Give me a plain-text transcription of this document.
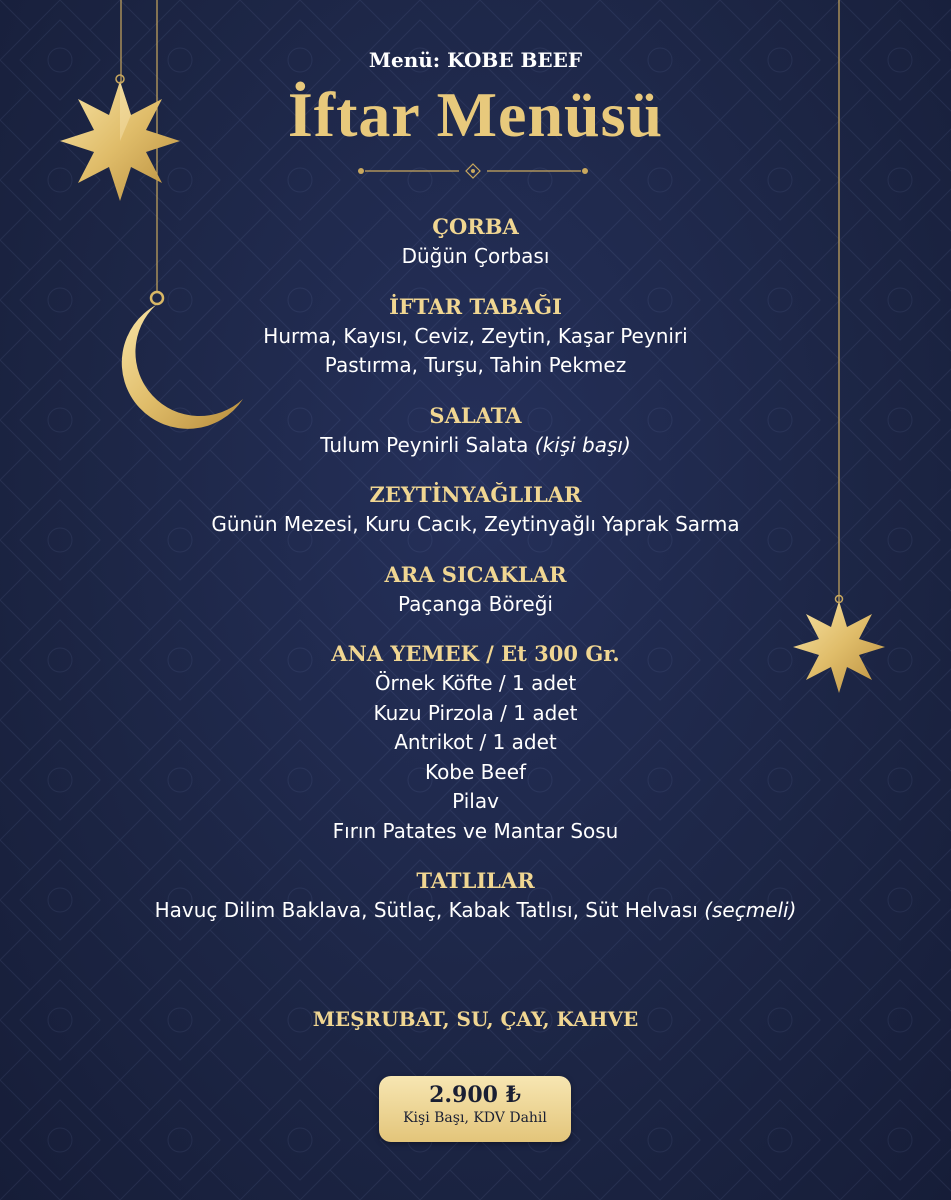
Menü: KOBE BEEF
İftar Menüsü
ÇORBA
Düğün Çorbası
İFTAR TABAĞI
Hurma, Kayısı, Ceviz, Zeytin, Kaşar Peyniri
Pastırma, Turşu, Tahin Pekmez
SALATA
Tulum Peynirli Salata (kişi başı)
ZEYTİNYAĞLILAR
Günün Mezesi, Kuru Cacık, Zeytinyağlı Yaprak Sarma
ARA SICAKLAR
Paçanga Böreği
ANA YEMEK / Et 300 Gr.
Örnek Köfte / 1 adet
Kuzu Pirzola / 1 adet
Antrikot / 1 adet
Kobe Beef
Pilav
Fırın Patates ve Mantar Sosu
TATLILAR
Havuç Dilim Baklava, Sütlaç, Kabak Tatlısı, Süt Helvası (seçmeli)
MEŞRUBAT, SU, ÇAY, KAHVE
2.900 ₺
Kişi Başı, KDV Dahil
